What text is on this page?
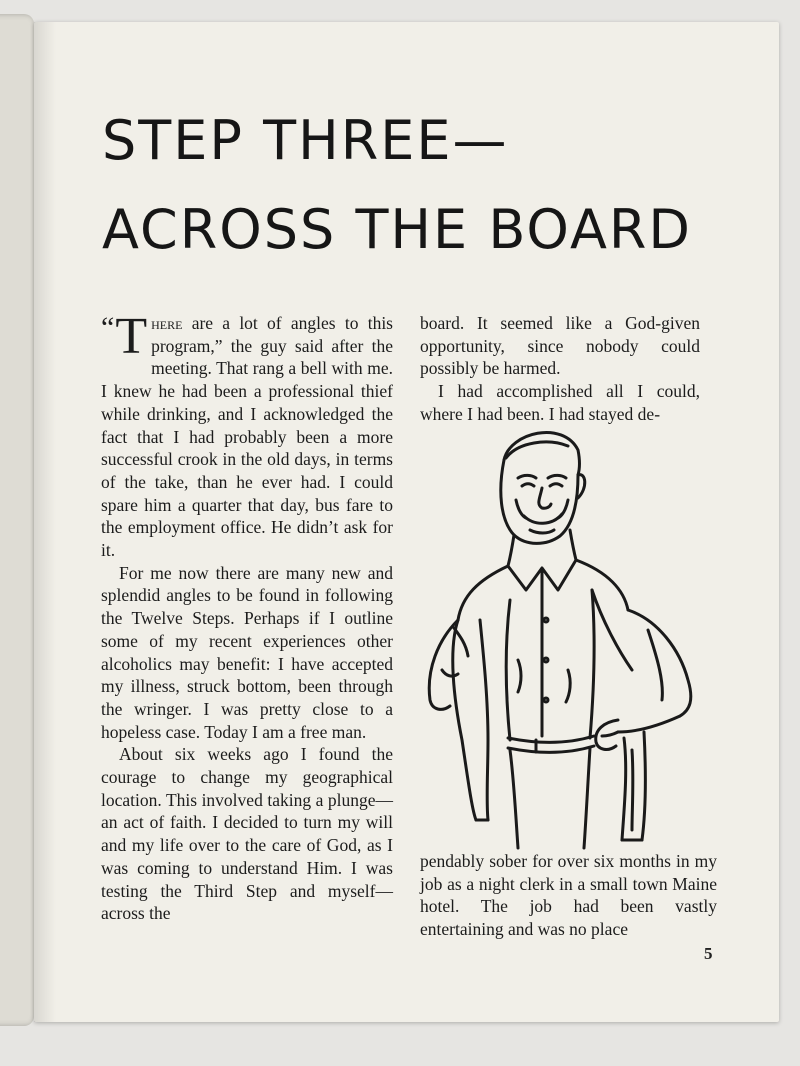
STEP THREE—
ACROSS THE BOARD

“ T here are a lot of angles to this program,” the guy said after the meeting. That rang a bell with me. I knew he had been a professional thief while drinking, and I acknowledged the fact that I had probably been a more successful crook in the old days, in terms of the take, than he ever had. I could spare him a quarter that day, bus fare to the employment office. He didn’t ask for it.

For me now there are many new and splendid angles to be found in following the Twelve Steps. Perhaps if I outline some of my recent experiences other alcoholics may benefit: I have accepted my illness, struck bottom, been through the wringer. I was pretty close to a hopeless case. Today I am a free man.

About six weeks ago I found the courage to change my geographical location. This involved taking a plunge—an act of faith. I decided to turn my will and my life over to the care of God, as I was coming to understand Him. I was testing the Third Step and myself—across the

board. It seemed like a God-given opportunity, since nobody could possibly be harmed.

I had accomplished all I could, where I had been. I had stayed de-

pendably sober for over six months in my job as a night clerk in a small town Maine hotel. The job had been vastly entertaining and was no place

5
